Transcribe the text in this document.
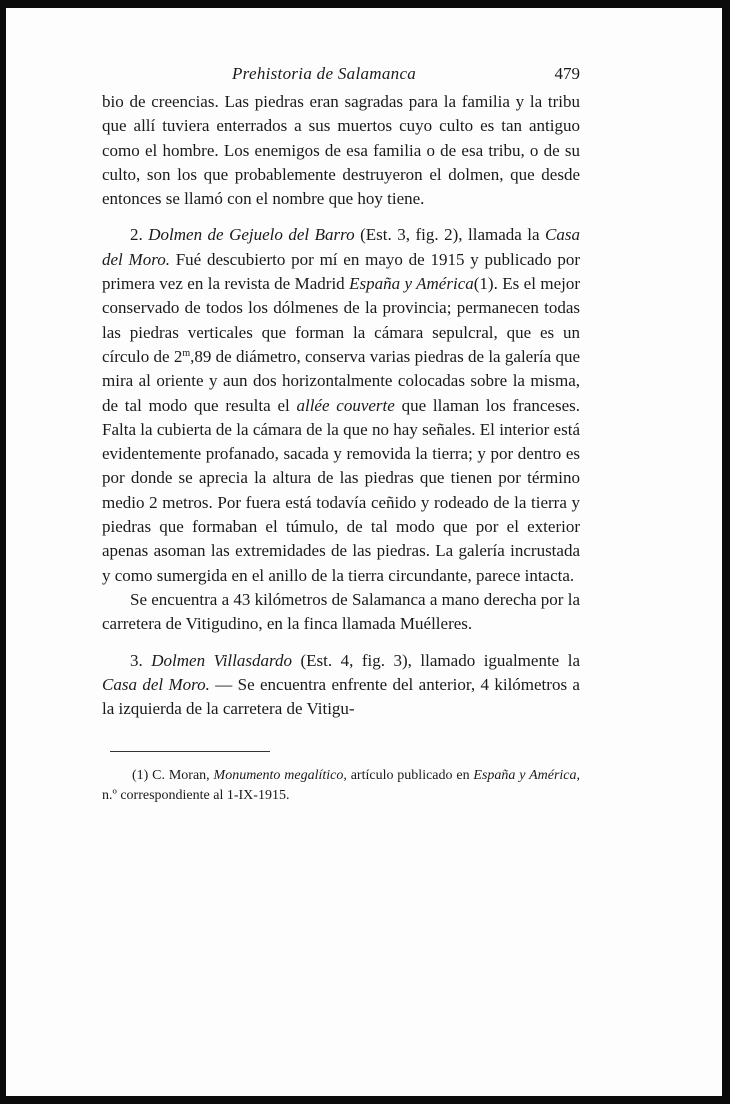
Prehistoria de Salamanca	479

bio de creencias. Las piedras eran sagradas para la familia y la tribu que allí tuviera enterrados a sus muertos cuyo culto es tan antiguo como el hombre. Los enemigos de esa familia o de esa tribu, o de su culto, son los que probablemente destruyeron el dolmen, que desde entonces se llamó con el nombre que hoy tiene.

2. Dolmen de Gejuelo del Barro (Est. 3, fig. 2), llamada la Casa del Moro. Fué descubierto por mí en mayo de 1915 y publicado por primera vez en la revista de Madrid España y América(1). Es el mejor conservado de todos los dólmenes de la provincia; permanecen todas las piedras verticales que forman la cámara sepulcral, que es un círculo de 2$^m$,89 de diámetro, conserva varias piedras de la galería que mira al oriente y aun dos horizontalmente colocadas sobre la misma, de tal modo que resulta el allée couverte que llaman los franceses. Falta la cubierta de la cámara de la que no hay señales. El interior está evidentemente profanado, sacada y removida la tierra; y por dentro es por donde se aprecia la altura de las piedras que tienen por término medio 2 metros. Por fuera está todavía ceñido y rodeado de la tierra y piedras que formaban el túmulo, de tal modo que por el exterior apenas asoman las extremidades de las piedras. La galería incrustada y como sumergida en el anillo de la tierra circundante, parece intacta.

Se encuentra a 43 kilómetros de Salamanca a mano derecha por la carretera de Vitigudino, en la finca llamada Muélleres.

3. Dolmen Villasdardo (Est. 4, fig. 3), llamado igualmente la Casa del Moro. — Se encuentra enfrente del anterior, 4 kilómetros a la izquierda de la carretera de Vitigu-

(1) C. Moran, Monumento megalítico, artículo publicado en España y América, n.º correspondiente al 1-IX-1915.
